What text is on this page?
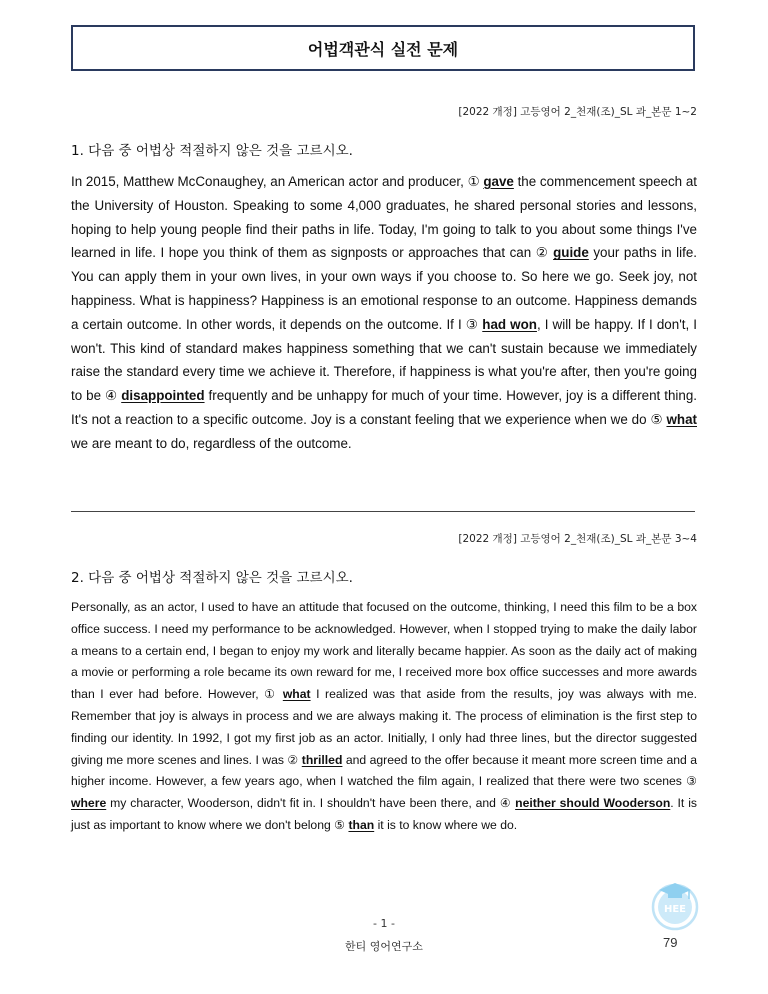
어법객관식 실전 문제
[2022 개정] 고등영어 2_천재(조)_SL 과_본문 1~2
1. 다음 중 어법상 적절하지 않은 것을 고르시오.
In 2015, Matthew McConaughey, an American actor and producer, ① gave the commencement speech at the University of Houston. Speaking to some 4,000 graduates, he shared personal stories and lessons, hoping to help young people find their paths in life. Today, I'm going to talk to you about some things I've learned in life. I hope you think of them as signposts or approaches that can ② guide your paths in life. You can apply them in your own lives, in your own ways if you choose to. So here we go. Seek joy, not happiness. What is happiness? Happiness is an emotional response to an outcome. Happiness demands a certain outcome. In other words, it depends on the outcome. If I ③ had won, I will be happy. If I don't, I won't. This kind of standard makes happiness something that we can't sustain because we immediately raise the standard every time we achieve it. Therefore, if happiness is what you're after, then you're going to be ④ disappointed frequently and be unhappy for much of your time. However, joy is a different thing. It's not a reaction to a specific outcome. Joy is a constant feeling that we experience when we do ⑤ what we are meant to do, regardless of the outcome.
[2022 개정] 고등영어 2_천재(조)_SL 과_본문 3~4
2. 다음 중 어법상 적절하지 않은 것을 고르시오.
Personally, as an actor, I used to have an attitude that focused on the outcome, thinking, I need this film to be a box office success. I need my performance to be acknowledged. However, when I stopped trying to make the daily labor a means to a certain end, I began to enjoy my work and literally became happier. As soon as the daily act of making a movie or performing a role became its own reward for me, I received more box office successes and more awards than I ever had before. However, ① what I realized was that aside from the results, joy was always with me. Remember that joy is always in process and we are always making it. The process of elimination is the first step to finding our identity. In 1992, I got my first job as an actor. Initially, I only had three lines, but the director suggested giving me more scenes and lines. I was ② thrilled and agreed to the offer because it meant more screen time and a higher income. However, a few years ago, when I watched the film again, I realized that there were two scenes ③ where my character, Wooderson, didn't fit in. I shouldn't have been there, and ④ neither should Wooderson. It is just as important to know where we don't belong ⑤ than it is to know where we do.
- 1 -
한티 영어연구소
HEE
79
